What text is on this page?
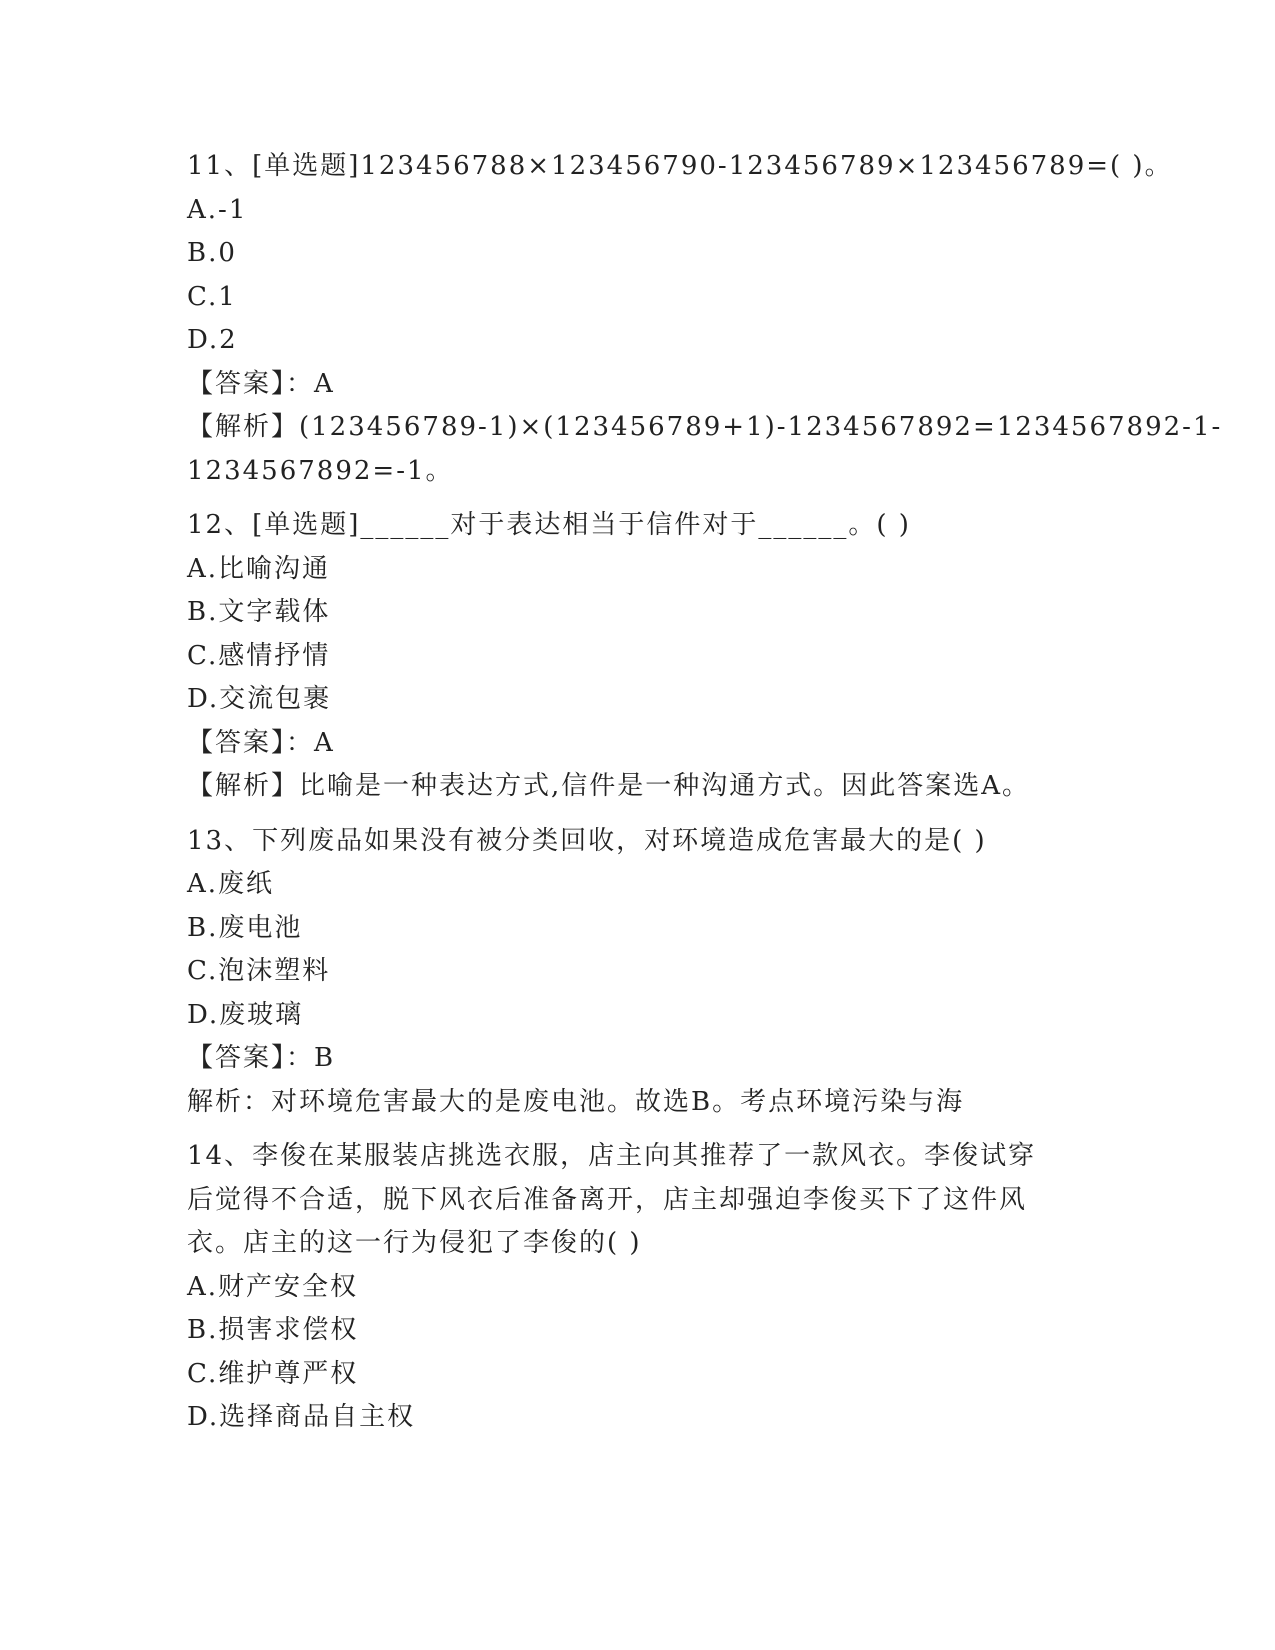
11、[单选题]123456788×123456790-123456789×123456789=( )。
A.-1
B.0
C.1
D.2
【答案】：A
【解析】(123456789-1)×(123456789+1)-1234567892=1234567892-1-
1234567892=-1。
12、[单选题]______对于表达相当于信件对于______。( )
A.比喻沟通
B.文字载体
C.感情抒情
D.交流包裹
【答案】：A
【解析】比喻是一种表达方式,信件是一种沟通方式。因此答案选A。
13、下列废品如果没有被分类回收，对环境造成危害最大的是( )
A.废纸
B.废电池
C.泡沫塑料
D.废玻璃
【答案】：B
解析：对环境危害最大的是废电池。故选B。考点环境污染与海
14、李俊在某服装店挑选衣服，店主向其推荐了一款风衣。李俊试穿
后觉得不合适，脱下风衣后准备离开，店主却强迫李俊买下了这件风
衣。店主的这一行为侵犯了李俊的( )
A.财产安全权
B.损害求偿权
C.维护尊严权
D.选择商品自主权
